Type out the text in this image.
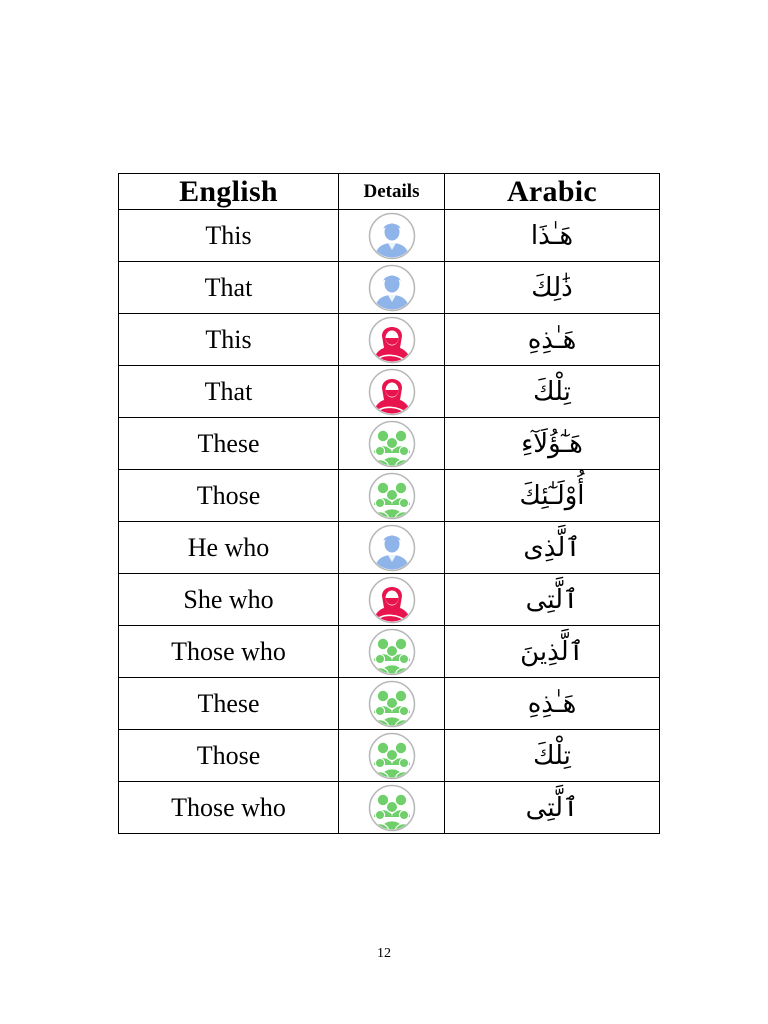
English	Details	Arabic
This		هَـٰذَا
That		ذَٰلِكَ
This		هَـٰذِهِ
That		تِلْكَ
These		هَـٰٓؤُلَآءِ
Those		أُوْلَـٰٓئِكَ
He who		ٱلَّذِى
She who		ٱلَّتِى
Those who		ٱلَّذِينَ
These		هَـٰذِهِ
Those		تِلْكَ
Those who		ٱلَّتِى
12
